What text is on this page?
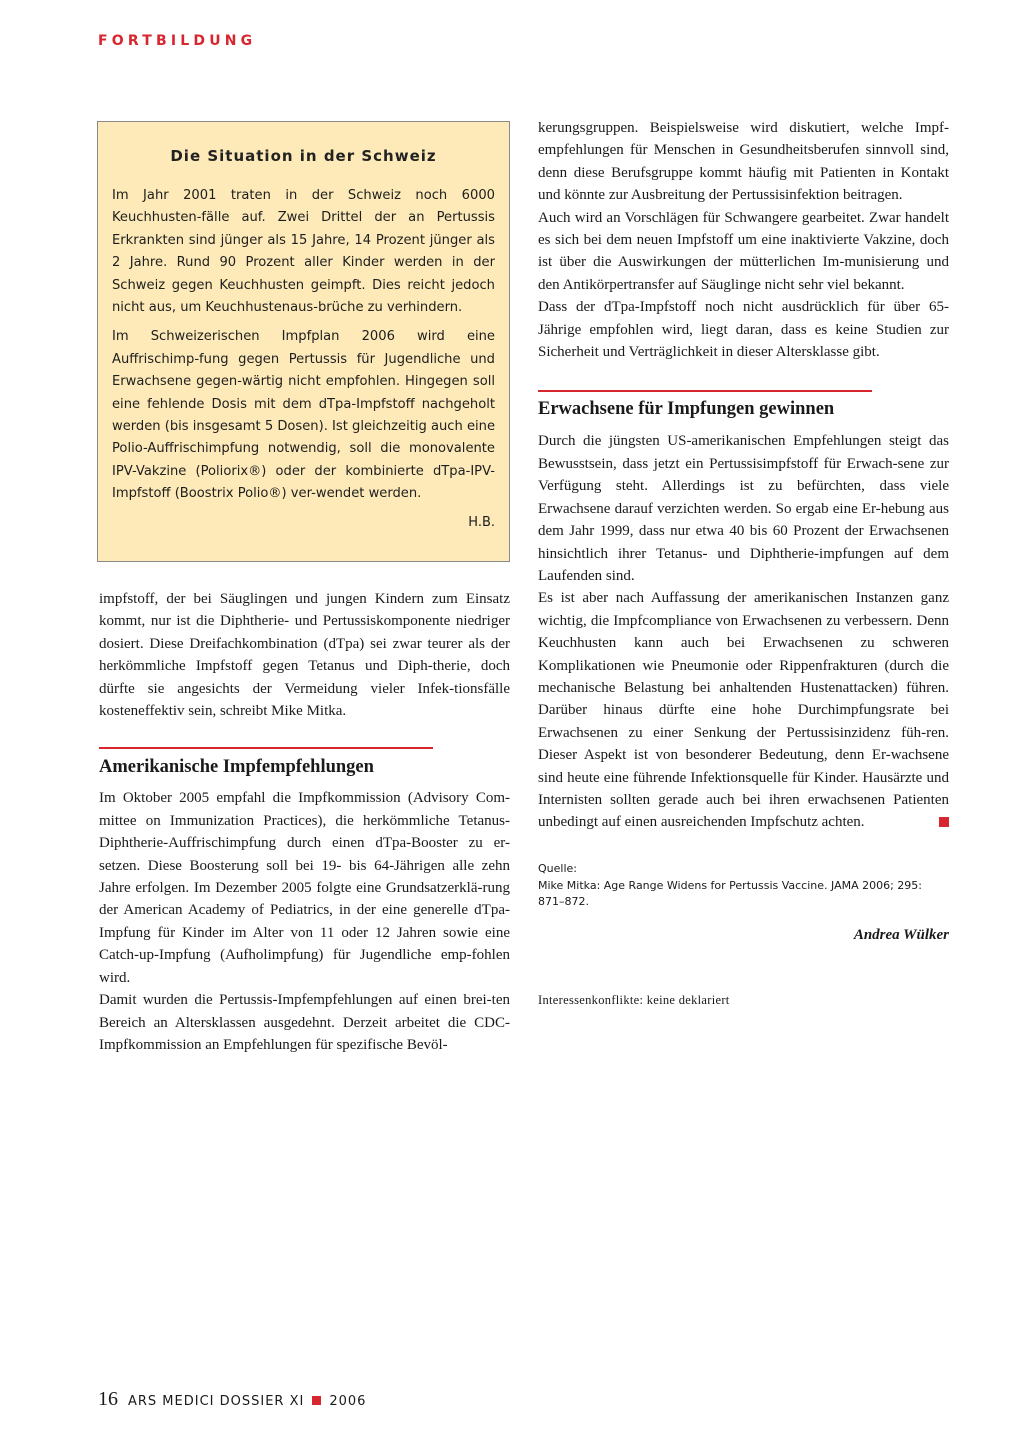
FORTBILDUNG
Die Situation in der Schweiz

Im Jahr 2001 traten in der Schweiz noch 6000 Keuchhusten-fälle auf. Zwei Drittel der an Pertussis Erkrankten sind jünger als 15 Jahre, 14 Prozent jünger als 2 Jahre. Rund 90 Prozent aller Kinder werden in der Schweiz gegen Keuchhusten geimpft. Dies reicht jedoch nicht aus, um Keuchhustenaus-brüche zu verhindern.

Im Schweizerischen Impfplan 2006 wird eine Auffrischimp-fung gegen Pertussis für Jugendliche und Erwachsene gegen-wärtig nicht empfohlen. Hingegen soll eine fehlende Dosis mit dem dTpa-Impfstoff nachgeholt werden (bis insgesamt 5 Dosen). Ist gleichzeitig auch eine Polio-Auffrischimpfung notwendig, soll die monovalente IPV-Vakzine (Poliorix®) oder der kombinierte dTpa-IPV-Impfstoff (Boostrix Polio®) ver-wendet werden.

H.B.

impfstoff, der bei Säuglingen und jungen Kindern zum Einsatz kommt, nur ist die Diphtherie- und Pertussiskomponente niedriger dosiert. Diese Dreifachkombination (dTpa) sei zwar teurer als der herkömmliche Impfstoff gegen Tetanus und Diph-therie, doch dürfte sie angesichts der Vermeidung vieler Infek-tionsfälle kosteneffektiv sein, schreibt Mike Mitka.

Amerikanische Impfempfehlungen

Im Oktober 2005 empfahl die Impfkommission (Advisory Com-mittee on Immunization Practices), die herkömmliche Tetanus-Diphtherie-Auffrischimpfung durch einen dTpa-Booster zu er-setzen. Diese Boosterung soll bei 19- bis 64-Jährigen alle zehn Jahre erfolgen. Im Dezember 2005 folgte eine Grundsatzerklä-rung der American Academy of Pediatrics, in der eine generelle dTpa-Impfung für Kinder im Alter von 11 oder 12 Jahren sowie eine Catch-up-Impfung (Aufholimpfung) für Jugendliche emp-fohlen wird.

Damit wurden die Pertussis-Impfempfehlungen auf einen brei-ten Bereich an Altersklassen ausgedehnt. Derzeit arbeitet die CDC-Impfkommission an Empfehlungen für spezifische Bevöl-

kerungsgruppen. Beispielsweise wird diskutiert, welche Impf-empfehlungen für Menschen in Gesundheitsberufen sinnvoll sind, denn diese Berufsgruppe kommt häufig mit Patienten in Kontakt und könnte zur Ausbreitung der Pertussisinfektion beitragen.

Auch wird an Vorschlägen für Schwangere gearbeitet. Zwar handelt es sich bei dem neuen Impfstoff um eine inaktivierte Vakzine, doch ist über die Auswirkungen der mütterlichen Im-munisierung und den Antikörpertransfer auf Säuglinge nicht sehr viel bekannt.

Dass der dTpa-Impfstoff noch nicht ausdrücklich für über 65-Jährige empfohlen wird, liegt daran, dass es keine Studien zur Sicherheit und Verträglichkeit in dieser Altersklasse gibt.

Erwachsene für Impfungen gewinnen

Durch die jüngsten US-amerikanischen Empfehlungen steigt das Bewusstsein, dass jetzt ein Pertussisimpfstoff für Erwach-sene zur Verfügung steht. Allerdings ist zu befürchten, dass viele Erwachsene darauf verzichten werden. So ergab eine Er-hebung aus dem Jahr 1999, dass nur etwa 40 bis 60 Prozent der Erwachsenen hinsichtlich ihrer Tetanus- und Diphtherie-impfungen auf dem Laufenden sind.

Es ist aber nach Auffassung der amerikanischen Instanzen ganz wichtig, die Impfcompliance von Erwachsenen zu verbessern. Denn Keuchhusten kann auch bei Erwachsenen zu schweren Komplikationen wie Pneumonie oder Rippenfrakturen (durch die mechanische Belastung bei anhaltenden Hustenattacken) führen. Darüber hinaus dürfte eine hohe Durchimpfungsrate bei Erwachsenen zu einer Senkung der Pertussisinzidenz füh-ren. Dieser Aspekt ist von besonderer Bedeutung, denn Er-wachsene sind heute eine führende Infektionsquelle für Kinder. Hausärzte und Internisten sollten gerade auch bei ihren erwachsenen Patienten unbedingt auf einen ausreichenden Impfschutz achten.

Quelle:
Mike Mitka: Age Range Widens for Pertussis Vaccine. JAMA 2006; 295: 871–872.
Andrea Wülker
Interessenkonflikte: keine deklariert
16 ARS MEDICI DOSSIER XI 2006
